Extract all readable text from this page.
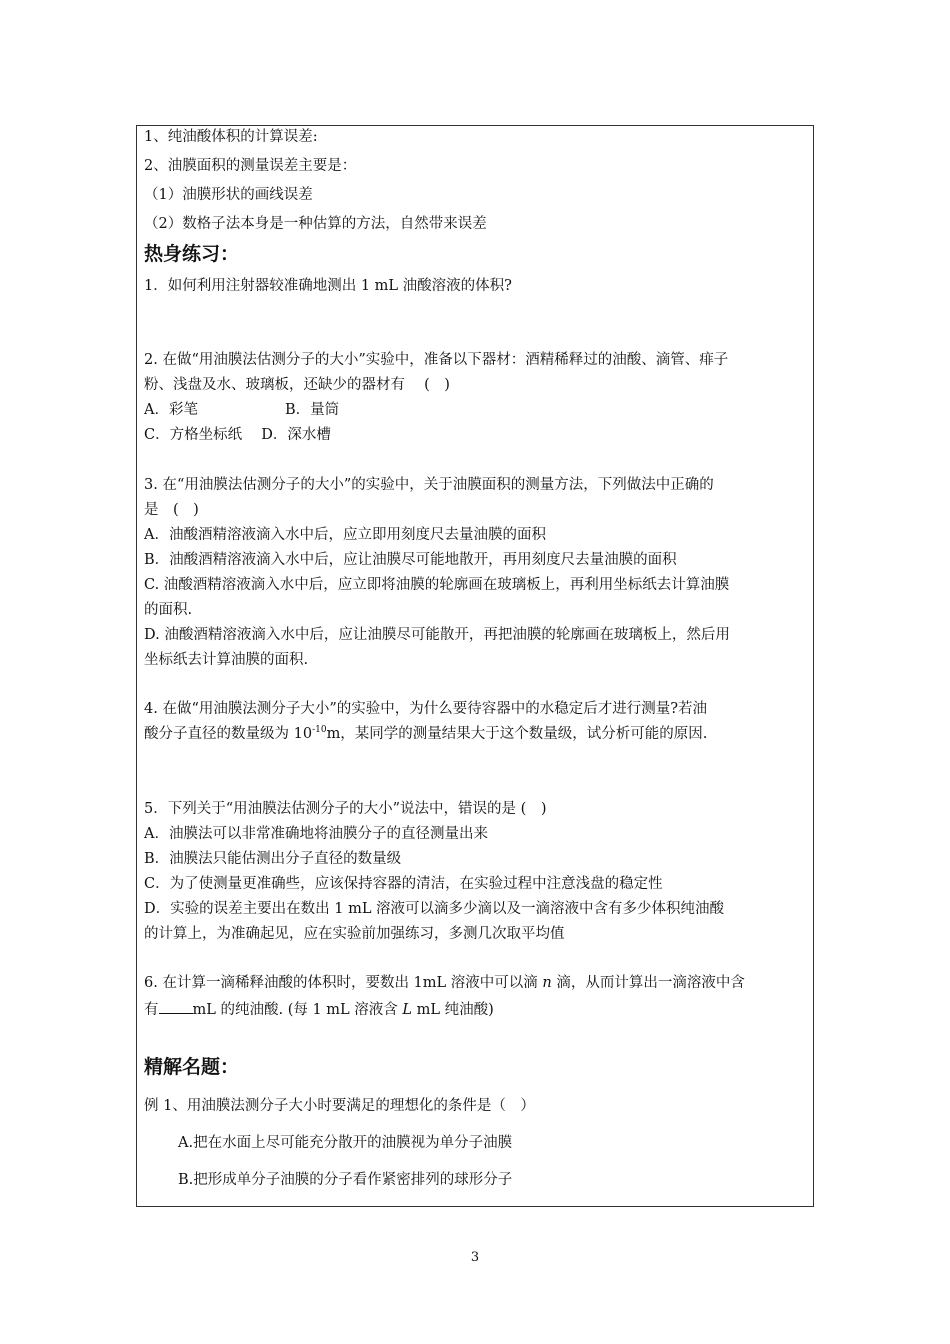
1、纯油酸体积的计算误差:
2、油膜面积的测量误差主要是：
（1）油膜形状的画线误差
（2）数格子法本身是一种估算的方法，自然带来误差
热身练习：
1．如何利用注射器较准确地测出 1 mL 油酸溶液的体积?
2. 在做“用油膜法估测分子的大小”实验中，准备以下器材：酒精稀释过的油酸、滴管、痱子
粉、浅盘及水、玻璃板，还缺少的器材有　 (　)
A．彩笔　　　　　　B．量筒
C．方格坐标纸　 D．深水槽
3. 在“用油膜法估测分子的大小”的实验中，关于油膜面积的测量方法，下列做法中正确的
是　(　)
A．油酸酒精溶液滴入水中后，应立即用刻度尺去量油膜的面积
B．油酸酒精溶液滴入水中后，应让油膜尽可能地散开，再用刻度尺去量油膜的面积
C. 油酸酒精溶液滴入水中后，应立即将油膜的轮廓画在玻璃板上，再利用坐标纸去计算油膜
的面积.
D. 油酸酒精溶液滴入水中后，应让油膜尽可能散开，再把油膜的轮廓画在玻璃板上，然后用
坐标纸去计算油膜的面积.
4. 在做“用油膜法测分子大小”的实验中，为什么要待容器中的水稳定后才进行测量?若油
酸分子直径的数量级为 $10^{-10}m$，某同学的测量结果大于这个数量级，试分析可能的原因.
5．下列关于“用油膜法估测分子的大小”说法中，错误的是 (　)
A．油膜法可以非常准确地将油膜分子的直径测量出来
B．油膜法只能估测出分子直径的数量级
C．为了使测量更准确些，应该保持容器的清洁，在实验过程中注意浅盘的稳定性
D．实验的误差主要出在数出 1 mL 溶液可以滴多少滴以及一滴溶液中含有多少体积纯油酸
的计算上，为准确起见，应在实验前加强练习，多测几次取平均值
6. 在计算一滴稀释油酸的体积时，要数出 1mL 溶液中可以滴 n 滴，从而计算出一滴溶液中含
有 mL 的纯油酸. (每 1 mL 溶液含 L mL 纯油酸)
精解名题：
例 1、用油膜法测分子大小时要满足的理想化的条件是（　）
A.把在水面上尽可能充分散开的油膜视为单分子油膜
B.把形成单分子油膜的分子看作紧密排列的球形分子
3
